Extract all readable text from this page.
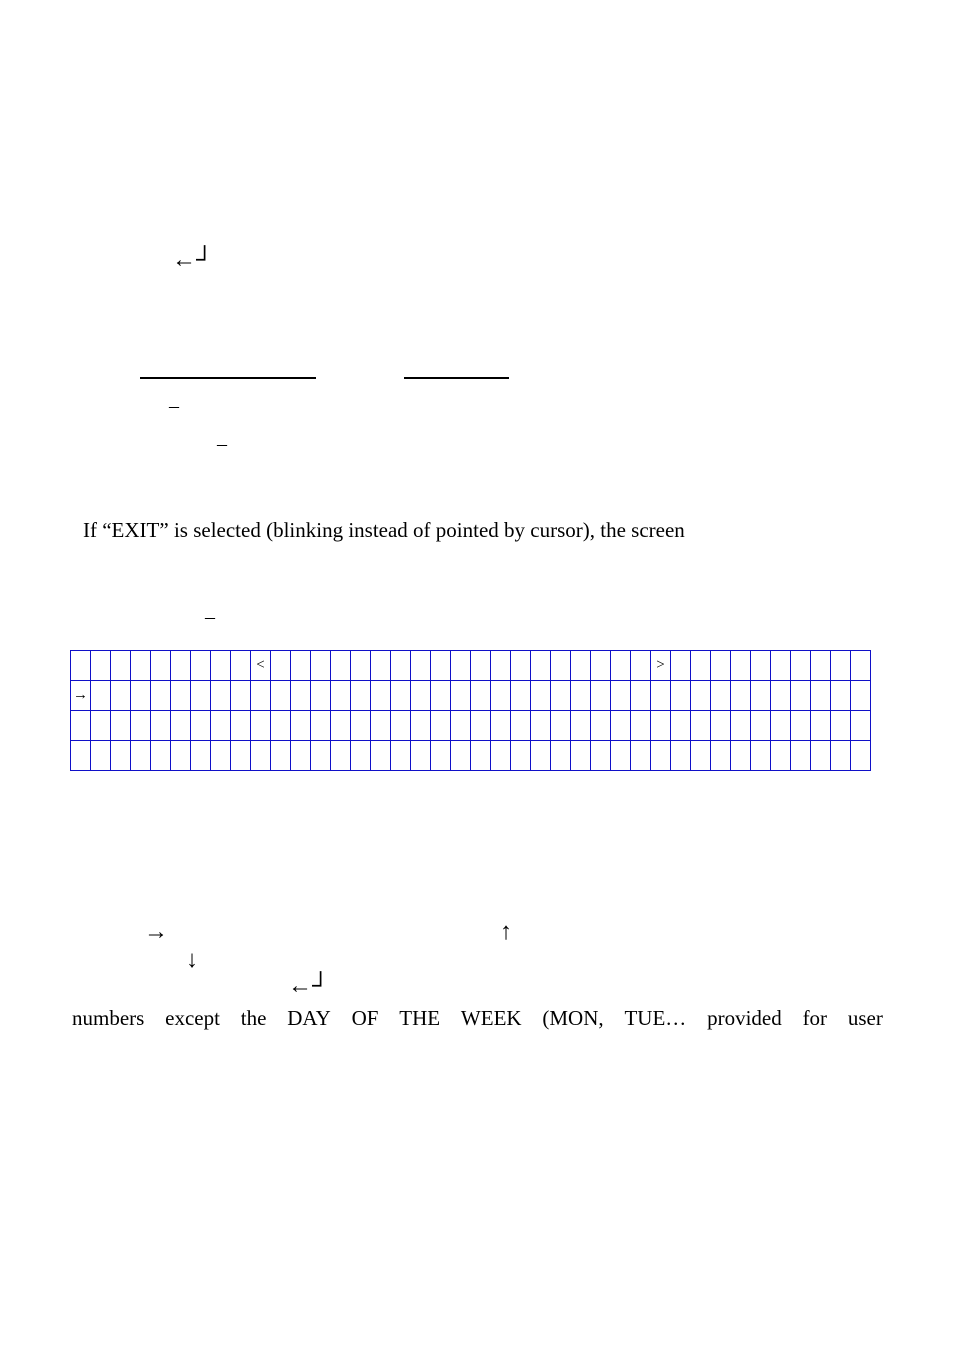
←┘
–
–
If “EXIT” is selected (blinking instead of pointed by cursor), the screen
–
									<																				>										
→																																							

→	↑
↓
←┘
numbers except the DAY OF THE WEEK (MON, TUE… provided for user
